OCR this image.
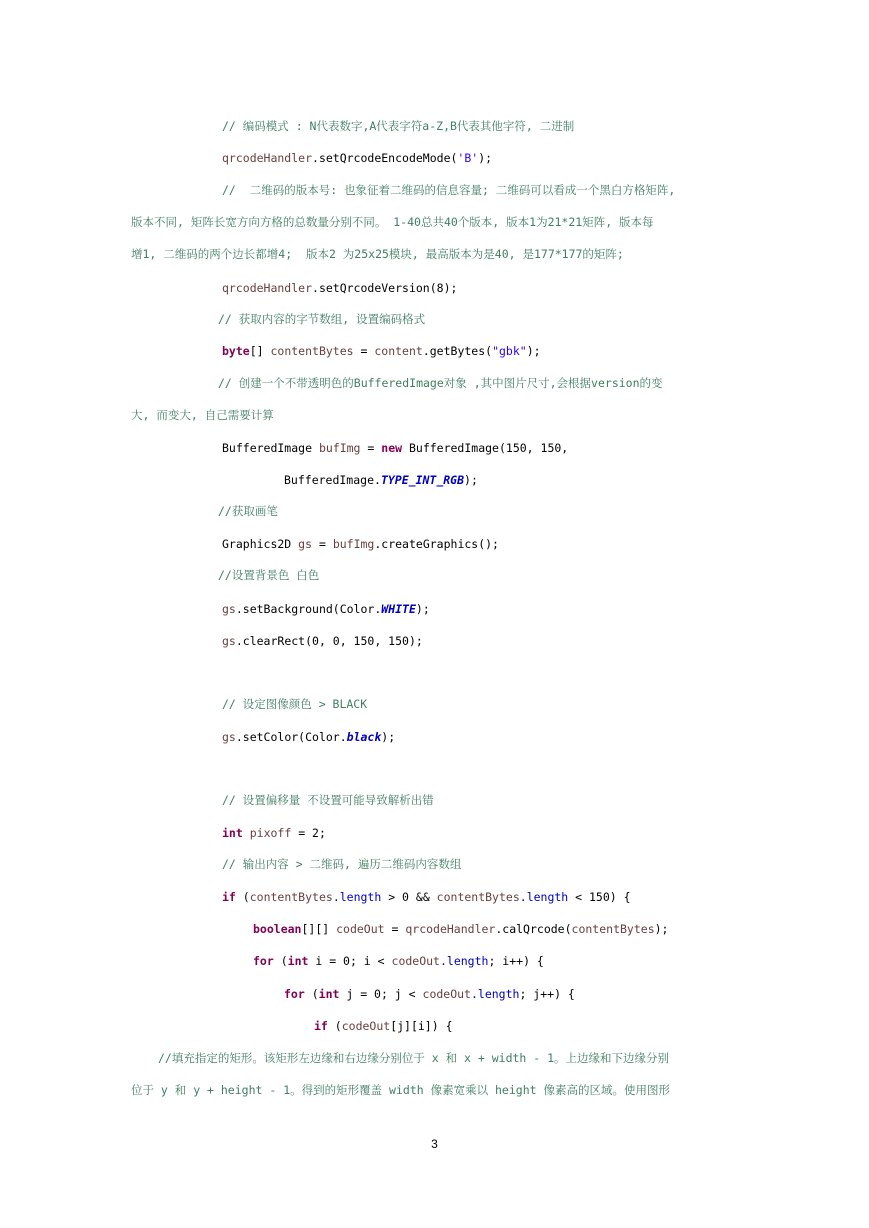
// 编码模式 : N代表数字,A代表字符a-Z,B代表其他字符, 二进制
qrcodeHandler.setQrcodeEncodeMode('B');
//  二维码的版本号: 也象征着二维码的信息容量; 二维码可以看成一个黑白方格矩阵,
版本不同, 矩阵长宽方向方格的总数量分别不同。 1-40总共40个版本, 版本1为21*21矩阵, 版本每
增1, 二维码的两个边长都增4;  版本2 为25x25模块, 最高版本为是40, 是177*177的矩阵;
qrcodeHandler.setQrcodeVersion(8);
// 获取内容的字节数组, 设置编码格式
byte[] contentBytes = content.getBytes("gbk");
// 创建一个不带透明色的BufferedImage对象 ,其中图片尺寸,会根据version的变
大, 而变大, 自己需要计算
BufferedImage bufImg = new BufferedImage(150, 150,
BufferedImage.TYPE_INT_RGB);
//获取画笔
Graphics2D gs = bufImg.createGraphics();
//设置背景色 白色
gs.setBackground(Color.WHITE);
gs.clearRect(0, 0, 150, 150);
// 设定图像颜色 > BLACK
gs.setColor(Color.black);
// 设置偏移量 不设置可能导致解析出错
int pixoff = 2;
// 输出内容 > 二维码, 遍历二维码内容数组
if (contentBytes.length > 0 && contentBytes.length < 150) {
boolean[][] codeOut = qrcodeHandler.calQrcode(contentBytes);
for (int i = 0; i < codeOut.length; i++) {
for (int j = 0; j < codeOut.length; j++) {
if (codeOut[j][i]) {
//填充指定的矩形。该矩形左边缘和右边缘分别位于 x 和 x + width - 1。上边缘和下边缘分别
位于 y 和 y + height - 1。得到的矩形覆盖 width 像素宽乘以 height 像素高的区域。使用图形
3
